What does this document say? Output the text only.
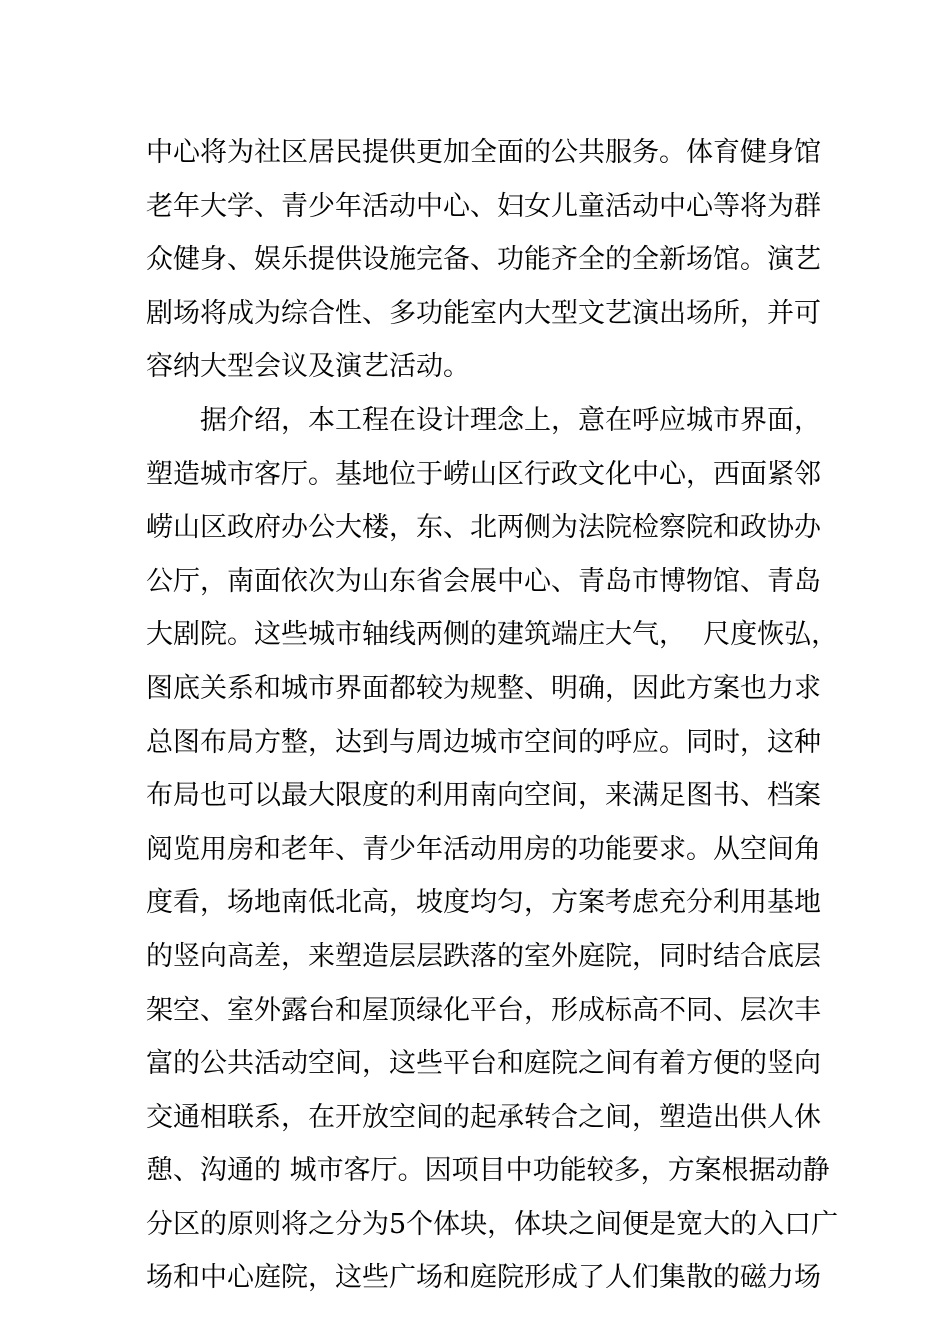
中心将为社区居民提供更加全面的公共服务。体育健身馆
老年大学、青少年活动中心、妇女儿童活动中心等将为群
众健身、娱乐提供设施完备、功能齐全的全新场馆。演艺
剧场将成为综合性、多功能室内大型文艺演出场所，并可
容纳大型会议及演艺活动。
据介绍，本工程在设计理念上，意在呼应城市界面，
塑造城市客厅。基地位于崂山区行政文化中心，西面紧邻
崂山区政府办公大楼，东、北两侧为法院检察院和政协办
公厅，南面依次为山东省会展中心、青岛市博物馆、青岛
大剧院。这些城市轴线两侧的建筑端庄大气，  尺度恢弘，
图底关系和城市界面都较为规整、明确，因此方案也力求
总图布局方整，达到与周边城市空间的呼应。同时，这种
布局也可以最大限度的利用南向空间，来满足图书、档案
阅览用房和老年、青少年活动用房的功能要求。从空间角
度看，场地南低北高，坡度均匀，方案考虑充分利用基地
的竖向高差，来塑造层层跌落的室外庭院，同时结合底层
架空、室外露台和屋顶绿化平台，形成标高不同、层次丰
富的公共活动空间，这些平台和庭院之间有着方便的竖向
交通相联系，在开放空间的起承转合之间，塑造出供人休
憩、沟通的 城市客厅。因项目中功能较多，方案根据动静
分区的原则将之分为5个体块，体块之间便是宽大的入口广
场和中心庭院，这些广场和庭院形成了人们集散的磁力场
